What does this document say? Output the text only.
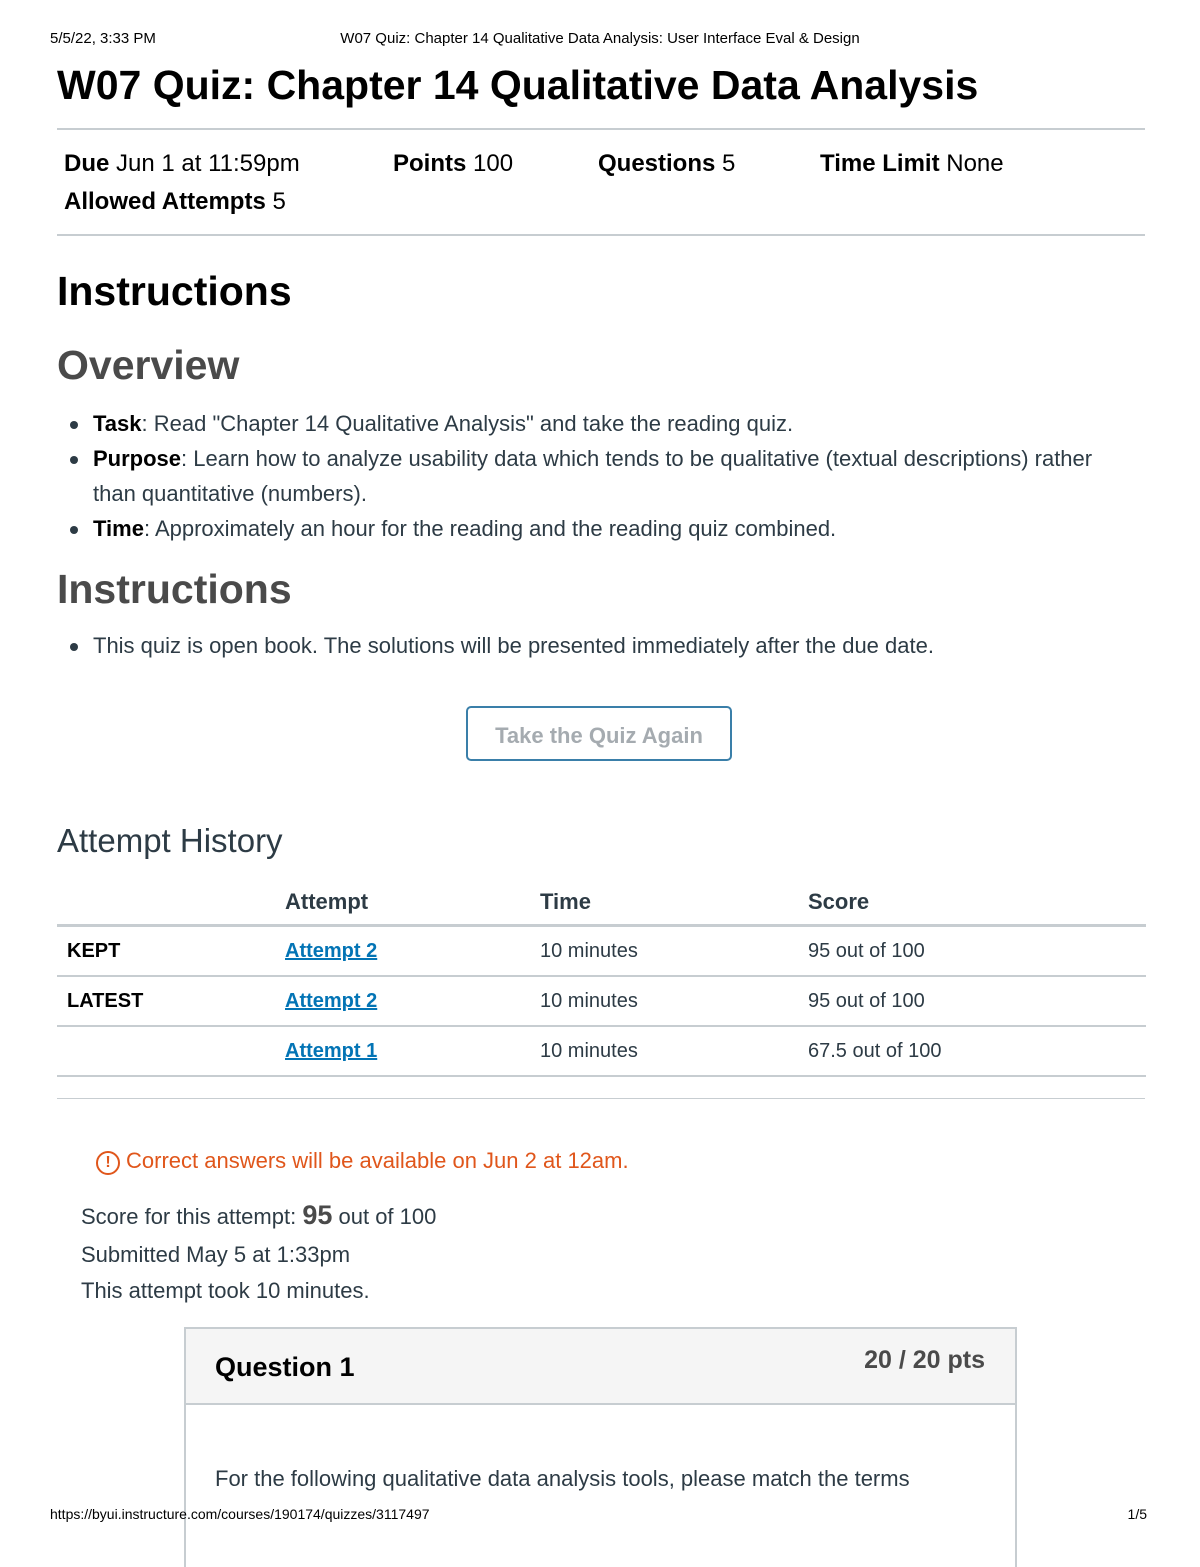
5/5/22, 3:33 PM	W07 Quiz: Chapter 14 Qualitative Data Analysis: User Interface Eval & Design
W07 Quiz: Chapter 14 Qualitative Data Analysis
Due Jun 1 at 11:59pm	Points 100	Questions 5	Time Limit None
Allowed Attempts 5
Instructions
Overview
Task: Read "Chapter 14 Qualitative Analysis" and take the reading quiz.
Purpose: Learn how to analyze usability data which tends to be qualitative (textual descriptions) rather than quantitative (numbers).
Time: Approximately an hour for the reading and the reading quiz combined.
Instructions
This quiz is open book. The solutions will be presented immediately after the due date.
Take the Quiz Again
Attempt History
	Attempt	Time	Score
KEPT	Attempt 2	10 minutes	95 out of 100
LATEST	Attempt 2	10 minutes	95 out of 100
	Attempt 1	10 minutes	67.5 out of 100
! Correct answers will be available on Jun 2 at 12am.
Score for this attempt: 95 out of 100
Submitted May 5 at 1:33pm
This attempt took 10 minutes.
Question 1	20 / 20 pts
For the following qualitative data analysis tools, please match the terms
https://byui.instructure.com/courses/190174/quizzes/3117497	1/5
